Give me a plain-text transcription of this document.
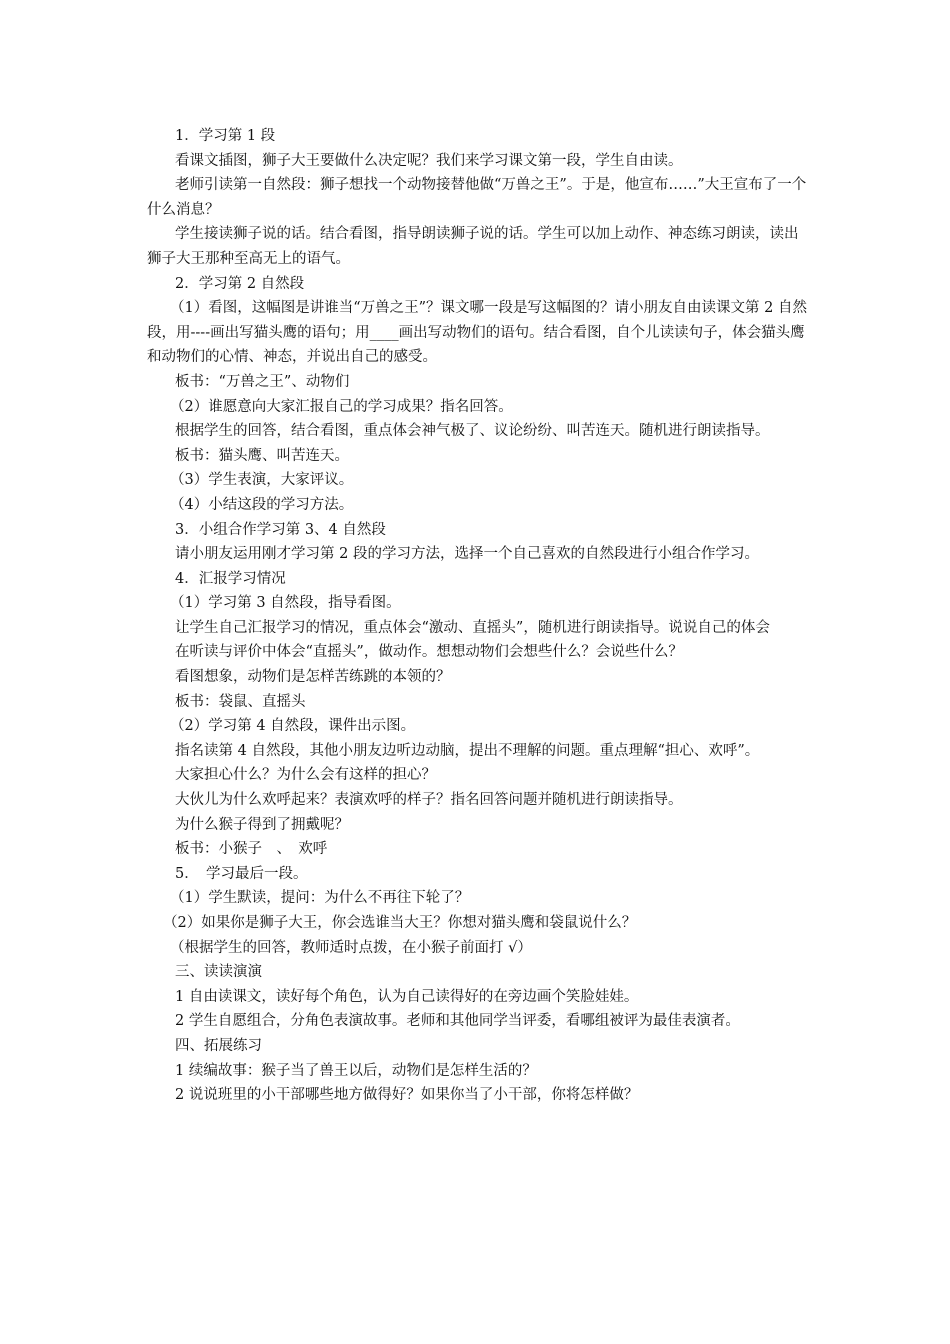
1．学习第 1 段

看课文插图，狮子大王要做什么决定呢？我们来学习课文第一段，学生自由读。

老师引读第一自然段：狮子想找一个动物接替他做“万兽之王”。于是，他宣布……”大王宣布了一个什么消息？

学生接读狮子说的话。结合看图，指导朗读狮子说的话。学生可以加上动作、神态练习朗读，读出狮子大王那种至高无上的语气。

2．学习第 2 自然段

（1）看图，这幅图是讲谁当“万兽之王”？课文哪一段是写这幅图的？请小朋友自由读课文第 2 自然段，用----画出写猫头鹰的语句；用____画出写动物们的语句。结合看图，自个儿读读句子，体会猫头鹰和动物们的心情、神态，并说出自己的感受。

板书：“万兽之王”、动物们

（2）谁愿意向大家汇报自己的学习成果？指名回答。

根据学生的回答，结合看图，重点体会神气极了、议论纷纷、叫苦连天。随机进行朗读指导。

板书：猫头鹰、叫苦连天。

（3）学生表演，大家评议。

（4）小结这段的学习方法。

3．小组合作学习第 3、4 自然段

请小朋友运用刚才学习第 2 段的学习方法，选择一个自己喜欢的自然段进行小组合作学习。

4．汇报学习情况

（1）学习第 3 自然段，指导看图。

让学生自己汇报学习的情况，重点体会“激动、直摇头”，随机进行朗读指导。说说自己的体会

在听读与评价中体会“直摇头”，做动作。想想动物们会想些什么？会说些什么？

看图想象，动物们是怎样苦练跳的本领的？

板书：袋鼠、直摇头

（2）学习第 4 自然段，课件出示图。

指名读第 4 自然段，其他小朋友边听边动脑，提出不理解的问题。重点理解“担心、欢呼”。

大家担心什么？为什么会有这样的担心？

大伙儿为什么欢呼起来？表演欢呼的样子？指名回答问题并随机进行朗读指导。

为什么猴子得到了拥戴呢？

板书：小猴子　、　欢呼

5．　学习最后一段。

（1）学生默读，提问：为什么不再往下轮了？

（2）如果你是狮子大王，你会选谁当大王？你想对猫头鹰和袋鼠说什么？

（根据学生的回答，教师适时点拨，在小猴子前面打 √）

三、读读演演

1 自由读课文，读好每个角色，认为自己读得好的在旁边画个笑脸娃娃。

2 学生自愿组合，分角色表演故事。老师和其他同学当评委，看哪组被评为最佳表演者。

四、拓展练习

1 续编故事：猴子当了兽王以后，动物们是怎样生活的？

2 说说班里的小干部哪些地方做得好？如果你当了小干部，你将怎样做？
